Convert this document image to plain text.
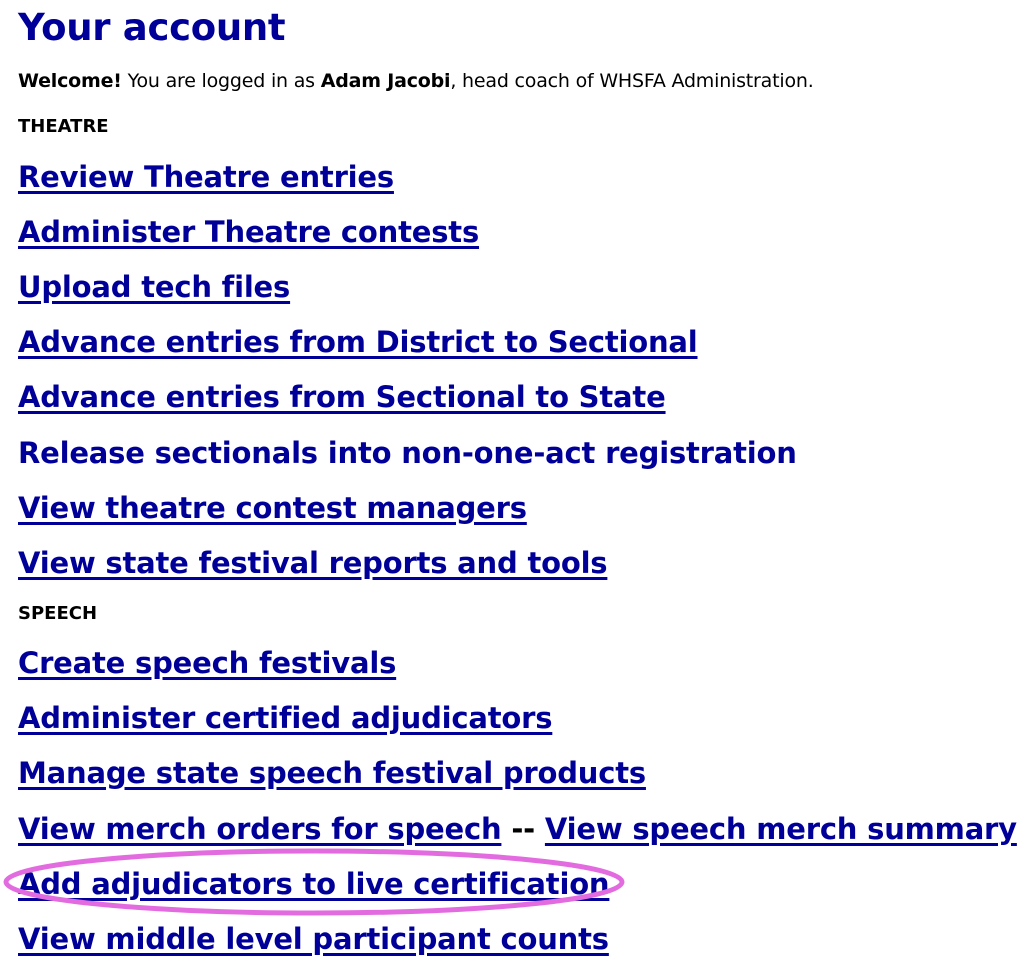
Your account
Welcome! You are logged in as Adam Jacobi, head coach of WHSFA Administration.
THEATRE
Review Theatre entries
Administer Theatre contests
Upload tech files
Advance entries from District to Sectional
Advance entries from Sectional to State
Release sectionals into non-one-act registration
View theatre contest managers
View state festival reports and tools
SPEECH
Create speech festivals
Administer certified adjudicators
Manage state speech festival products
View merch orders for speech -- View speech merch summary
Add adjudicators to live certification
View middle level participant counts
